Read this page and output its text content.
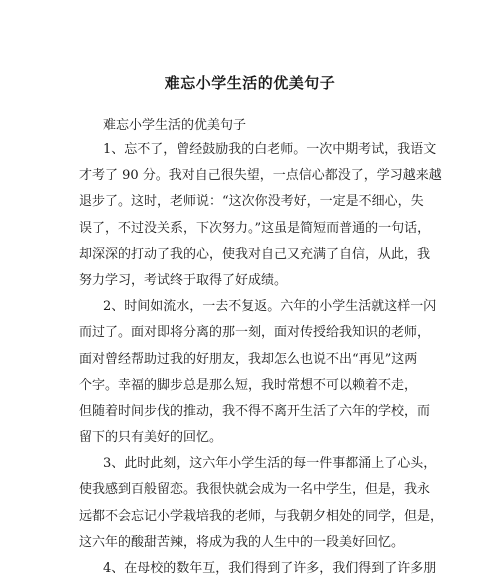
难忘小学生活的优美句子
难忘小学生活的优美句子
1、忘不了，曾经鼓励我的白老师。一次中期考试，我语文
才考了 90 分。我对自己很失望，一点信心都没了，学习越来越
退步了。这时，老师说：“这次你没考好，一定是不细心，失
误了，不过没关系，下次努力。”这虽是简短而普通的一句话，
却深深的打动了我的心，使我对自己又充满了自信，从此，我
努力学习，考试终于取得了好成绩。
2、时间如流水，一去不复返。六年的小学生活就这样一闪
而过了。面对即将分离的那一刻，面对传授给我知识的老师，
面对曾经帮助过我的好朋友，我却怎么也说不出“再见”这两
个字。幸福的脚步总是那么短，我时常想不可以赖着不走，
但随着时间步伐的推动，我不得不离开生活了六年的学校，而
留下的只有美好的回忆。
3、此时此刻，这六年小学生活的每一件事都涌上了心头，
使我感到百般留恋。我很快就会成为一名中学生，但是，我永
远都不会忘记小学栽培我的老师，与我朝夕相处的同学，但是，
这六年的酸甜苦辣，将成为我的人生中的一段美好回忆。
4、在母校的数年互，我们得到了许多，我们得到了许多朋
